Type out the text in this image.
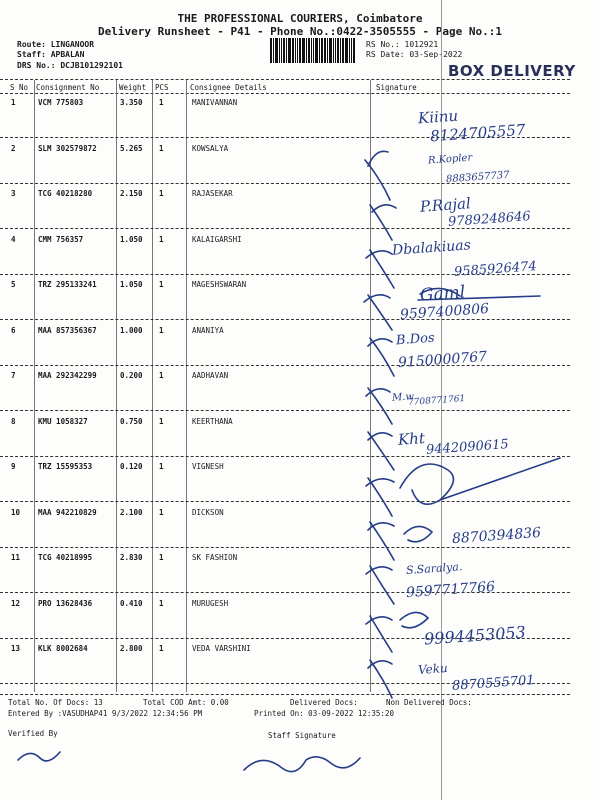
THE PROFESSIONAL COURIERS, Coimbatore
Delivery Runsheet - P41 - Phone No.:0422-3505555 - Page No.:1
Route: LINGANOOR
Staff: APBALAN
DRS No.: DCJB101292101
RS No.: 1012921
RS Date: 03-Sep-2022
BOX DELIVERY
S No Consignment No	Weight PCS	Consignee Details	Signature
1	VCM 775803	3.350 1	MANIVANNAN
2	SLM 302579872	5.265 1	KOWSALYA
3	TCG 40218280	2.150 1	RAJASEKAR
4	CMM 756357	1.050 1	KALAIGARSHI
5	TRZ 295133241	1.050 1	MAGESHSWARAN
6	MAA 857356367	1.000 1	ANANIYA
7	MAA 292342299	0.200 1	AADHAVAN
8	KMU 1058327	0.750 1	KEERTHANA
9	TRZ 15595353	0.120 1	VIGNESH
10 MAA 942210829	2.100 1	DICKSON
11 TCG 40218995	2.830 1	SK FASHION
12 PRO 13628436	0.410 1	MURUGESH
13 KLK 8002684	2.800 1	VEDA VARSHINI
Kiinu
8124705557
R.Kopler
8883657737
P.Rajal
9789248646
Dbalakiuas
9585926474
Gaml
9597400806
B.Dos
9150000767
M.w
7708771761
Kht 9442090615
8870394836
S.Saralya.
9597717766
9994453053
Veku
8870555701
Total No. Of Docs: 13	Total COD Amt: 0.00	Delivered Docs:	Non Delivered Docs:
Entered By :VASUDHAP41 9/3/2022 12:34:56 PM	Printed On: 03-09-2022 12:35:20
Verified By	Staff Signature
